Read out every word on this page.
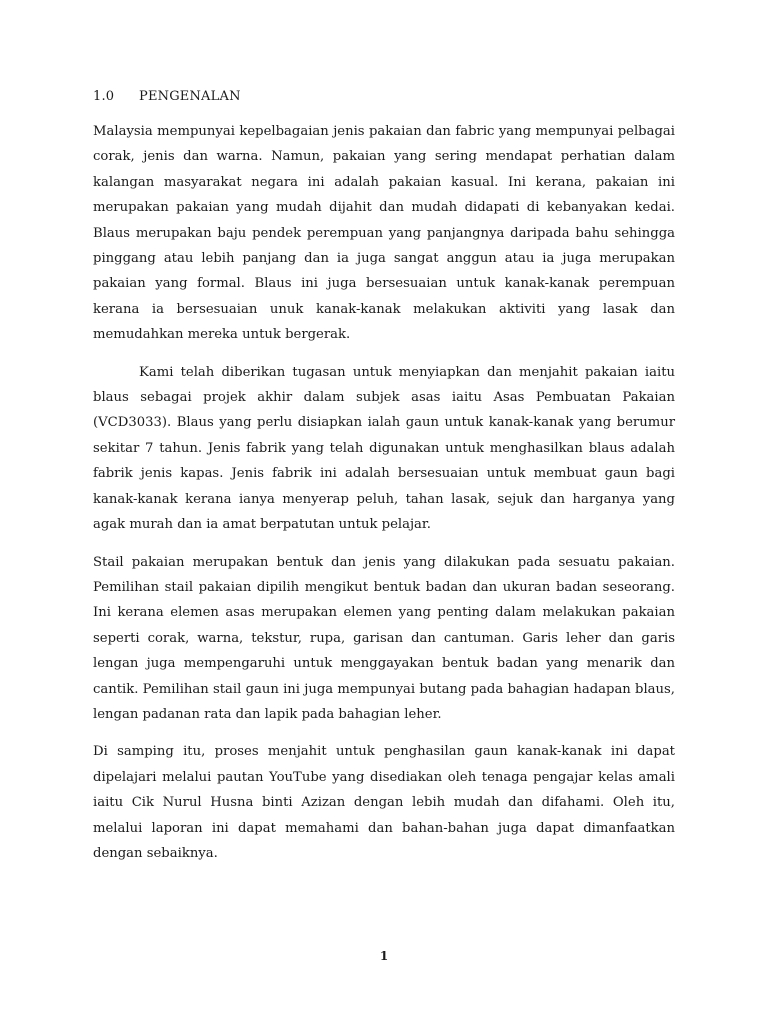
1.0 PENGENALAN

Malaysia mempunyai kepelbagaian jenis pakaian dan fabric yang mempunyai pelbagai corak, jenis dan warna. Namun, pakaian yang sering mendapat perhatian dalam kalangan masyarakat negara ini adalah pakaian kasual. Ini kerana, pakaian ini merupakan pakaian yang mudah dijahit dan mudah didapati di kebanyakan kedai. Blaus merupakan baju pendek perempuan yang panjangnya daripada bahu sehingga pinggang atau lebih panjang dan ia juga sangat anggun atau ia juga merupakan pakaian yang formal. Blaus ini juga bersesuaian untuk kanak-kanak perempuan kerana ia bersesuaian unuk kanak-kanak melakukan aktiviti yang lasak dan memudahkan mereka untuk bergerak.

Kami telah diberikan tugasan untuk menyiapkan dan menjahit pakaian iaitu blaus sebagai projek akhir dalam subjek asas iaitu Asas Pembuatan Pakaian (VCD3033). Blaus yang perlu disiapkan ialah gaun untuk kanak-kanak yang berumur sekitar 7 tahun. Jenis fabrik yang telah digunakan untuk menghasilkan blaus adalah fabrik jenis kapas. Jenis fabrik ini adalah bersesuaian untuk membuat gaun bagi kanak-kanak kerana ianya menyerap peluh, tahan lasak, sejuk dan harganya yang agak murah dan ia amat berpatutan untuk pelajar.

Stail pakaian merupakan bentuk dan jenis yang dilakukan pada sesuatu pakaian. Pemilihan stail pakaian dipilih mengikut bentuk badan dan ukuran badan seseorang. Ini kerana elemen asas merupakan elemen yang penting dalam melakukan pakaian seperti corak, warna, tekstur, rupa, garisan dan cantuman. Garis leher dan garis lengan juga mempengaruhi untuk menggayakan bentuk badan yang menarik dan cantik. Pemilihan stail gaun ini juga mempunyai butang pada bahagian hadapan blaus, lengan padanan rata dan lapik pada bahagian leher.

Di samping itu, proses menjahit untuk penghasilan gaun kanak-kanak ini dapat dipelajari melalui pautan YouTube yang disediakan oleh tenaga pengajar kelas amali iaitu Cik Nurul Husna binti Azizan dengan lebih mudah dan difahami. Oleh itu, melalui laporan ini dapat memahami dan bahan-bahan juga dapat dimanfaatkan dengan sebaiknya.

1
